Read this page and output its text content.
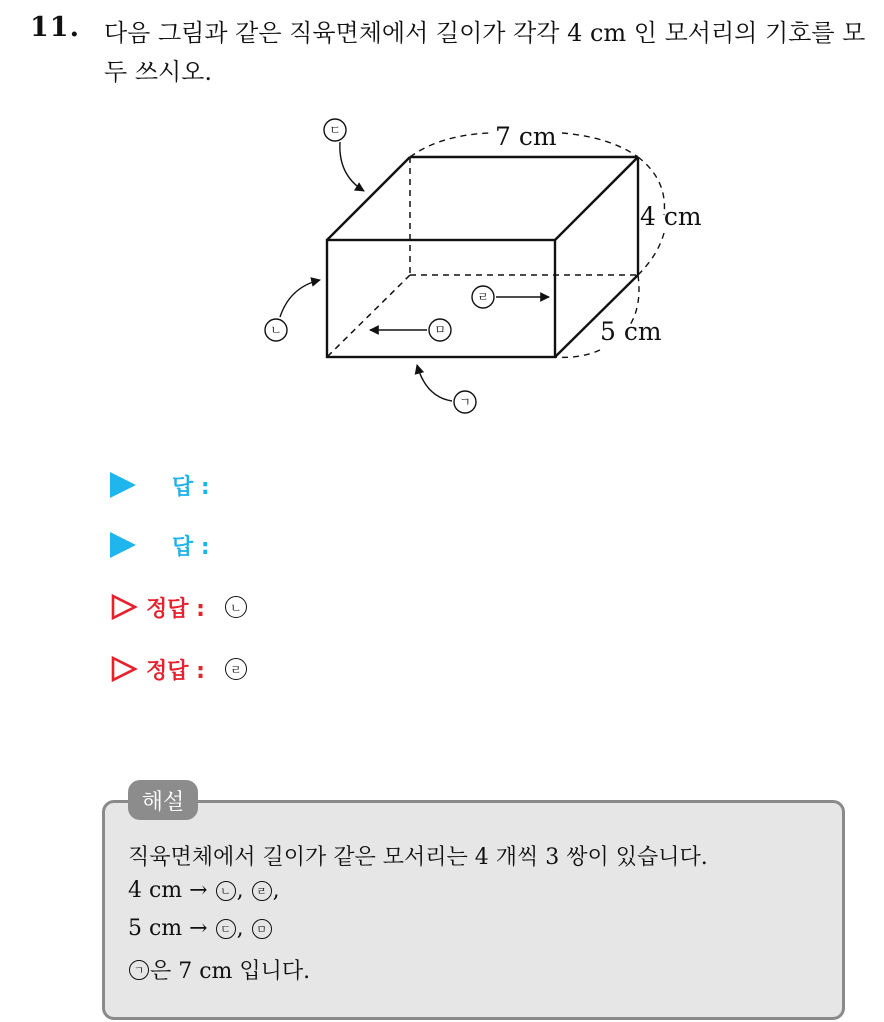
11. 다음 그림과 같은 직육면체에서 길이가 각각 4 cm 인 모서리의 기호를 모두 쓰시오.
7 cm
4 cm
5 cm
ㄷ
ㄴ
ㄱ
ㄹ
ㅁ
답 :
답 :
정답 :	ㄴ
정답 :	ㄹ
해설
직육면체에서 길이가 같은 모서리는 4 개씩 3 쌍이 있습니다.
4 cm →
	ㄴ , ㄹ ,
5 cm →
	ㄷ , ㅁ
ㄱ 은 7 cm 입니다.
